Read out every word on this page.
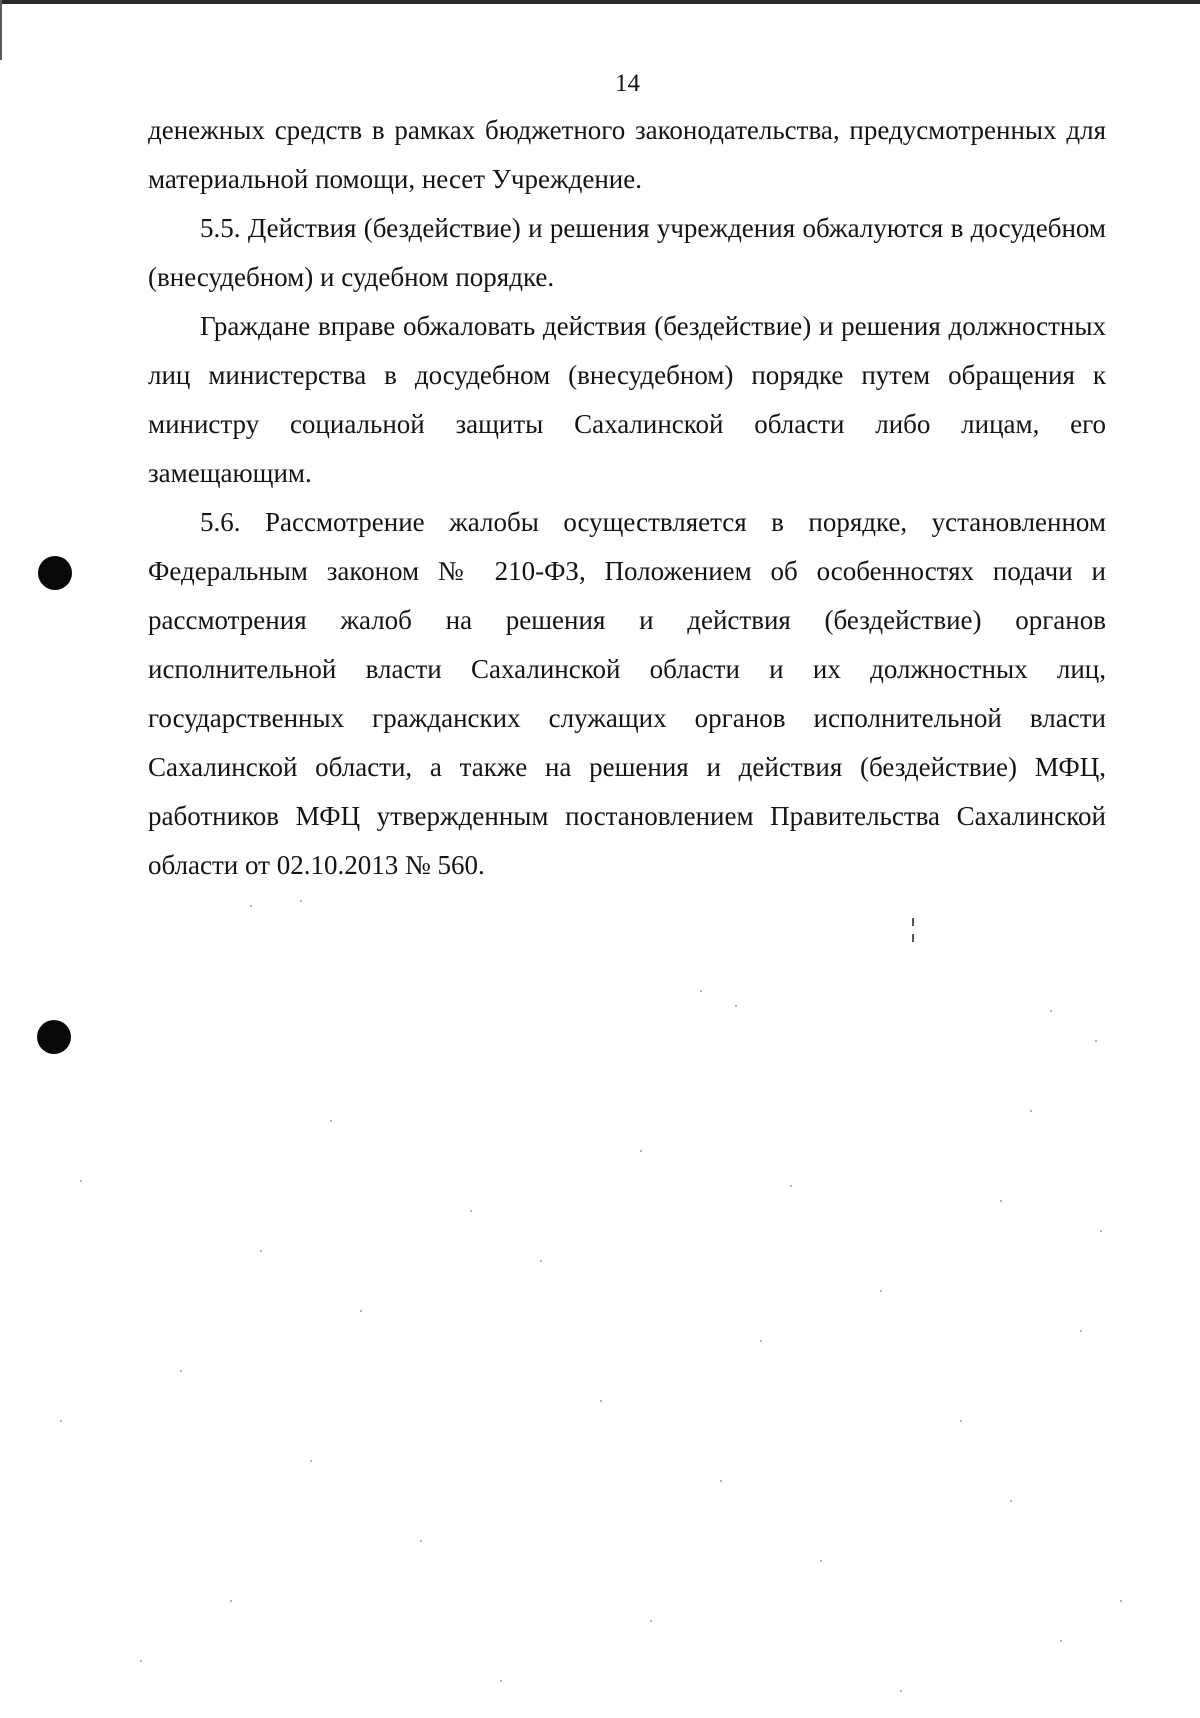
14

денежных средств в рамках бюджетного законодательства, предусмотренных для материальной помощи, несет Учреждение.

5.5. Действия (бездействие) и решения учреждения обжалуются в досудебном (внесудебном) и судебном порядке.

Граждане вправе обжаловать действия (бездействие) и решения должностных лиц министерства в досудебном (внесудебном) порядке путем обращения к министру социальной защиты Сахалинской области либо лицам, его замещающим.

5.6. Рассмотрение жалобы осуществляется в порядке, установленном Федеральным законом № 210-ФЗ, Положением об особенностях подачи и рассмотрения жалоб на решения и действия (бездействие) органов исполнительной власти Сахалинской области и их должностных лиц, государственных гражданских служащих органов исполнительной власти Сахалинской области, а также на решения и действия (бездействие) МФЦ, работников МФЦ утвержденным постановлением Правительства Сахалинской области от 02.10.2013 № 560.
